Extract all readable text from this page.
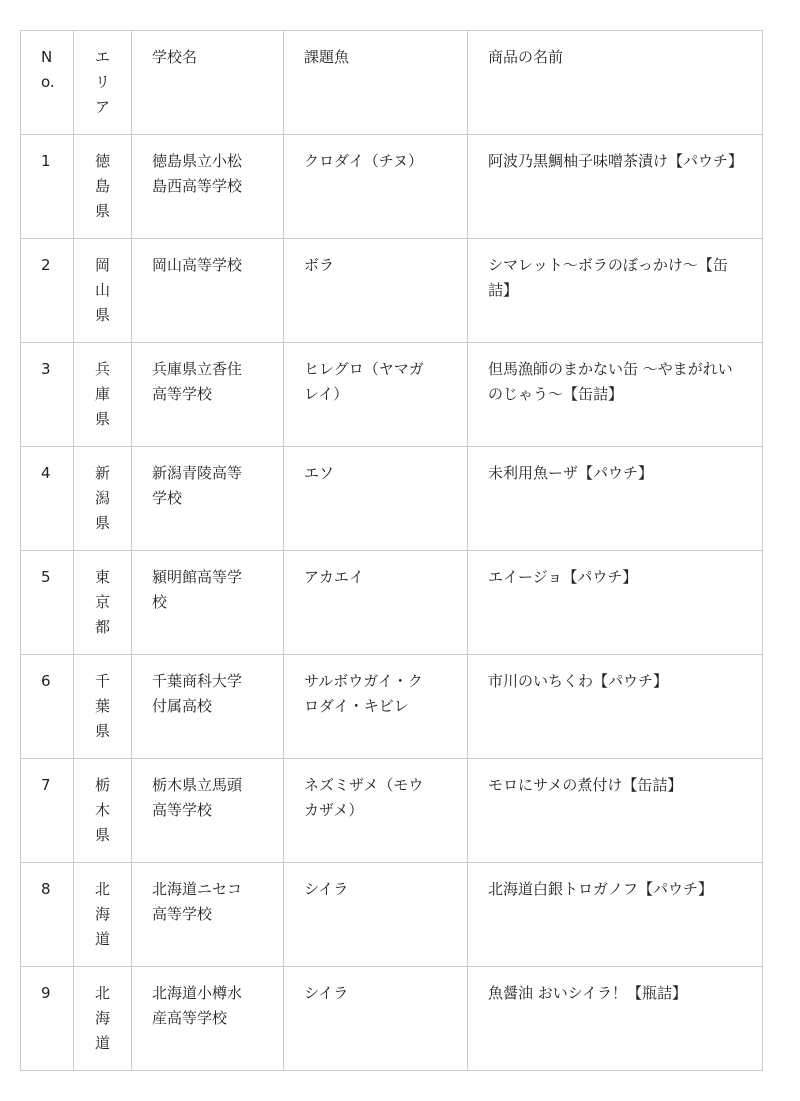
No.	エリア	学校名	課題魚	商品の名前

1	徳島県	徳島県立小松島西高等学校	クロダイ（チヌ）	阿波乃黒鯛柚子味噌茶漬け【パウチ】

2	岡山県	岡山高等学校	ボラ	シマレット〜ボラのぼっかけ〜【缶詰】

3	兵庫県	兵庫県立香住高等学校	ヒレグロ（ヤマガレイ）	但馬漁師のまかない缶 〜やまがれいのじゃう〜【缶詰】

4	新潟県	新潟青陵高等学校	エソ	未利用魚ーザ【パウチ】

5	東京都	潁明館高等学校	アカエイ	エイージョ【パウチ】

6	千葉県	千葉商科大学付属高校	サルボウガイ・クロダイ・キビレ	市川のいちくわ【パウチ】

7	栃木県	栃木県立馬頭高等学校	ネズミザメ（モウカザメ）	モロにサメの煮付け【缶詰】

8	北海道	北海道ニセコ高等学校	シイラ	北海道白銀トロガノフ【パウチ】

9	北海道	北海道小樽水産高等学校	シイラ	魚醤油 おいシイラ！【瓶詰】
